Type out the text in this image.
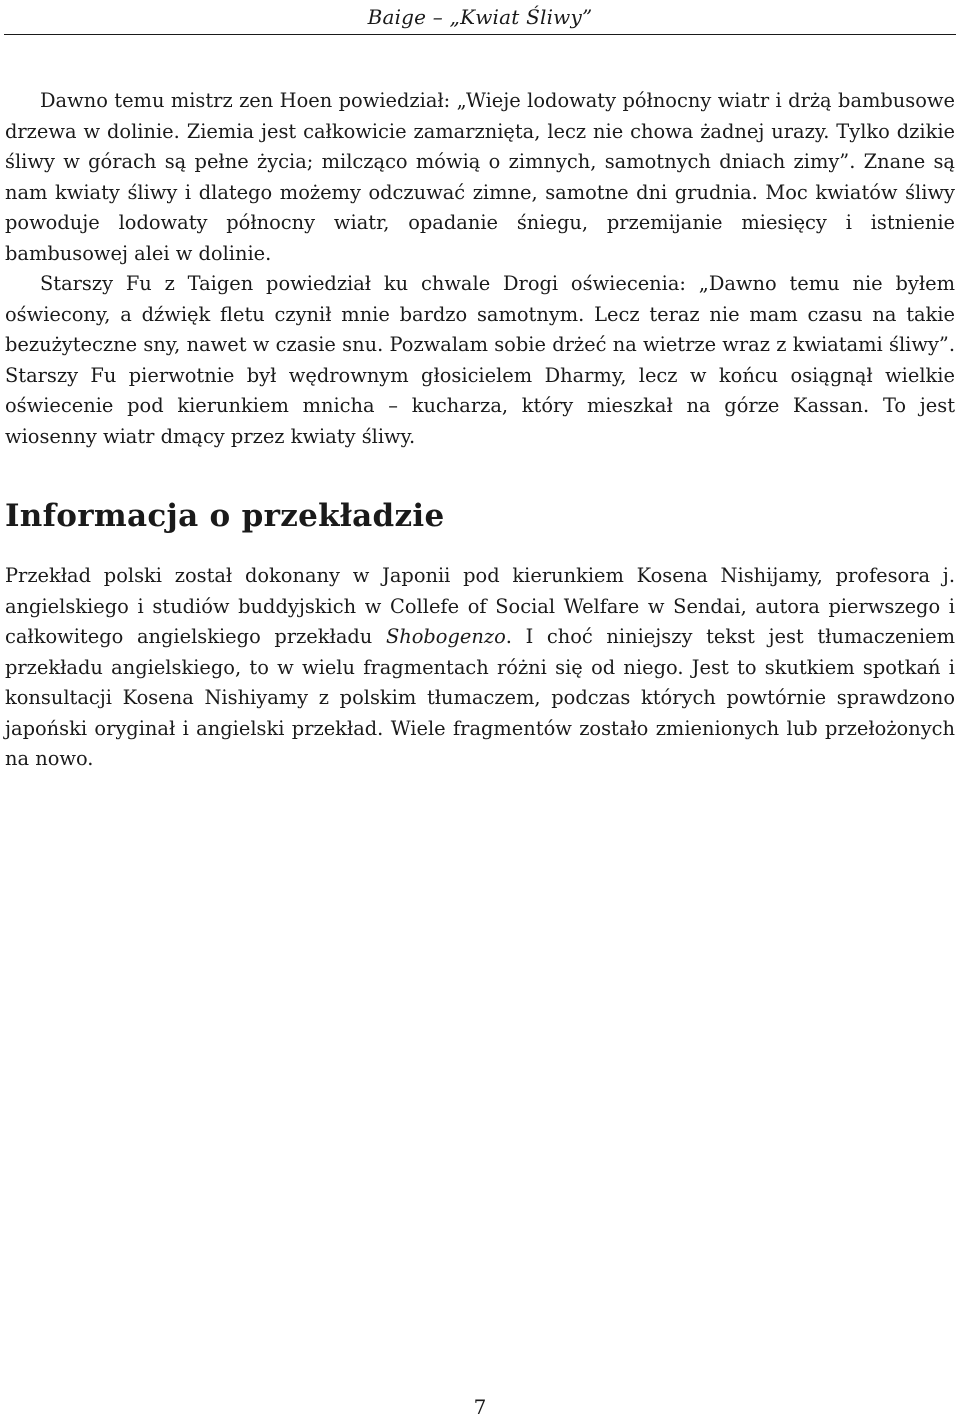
Baige – „Kwiat Śliwy”

Dawno temu mistrz zen Hoen powiedział: „Wieje lodowaty północny wiatr i drżą bambusowe drzewa w dolinie. Ziemia jest całkowicie zamarznięta, lecz nie chowa żadnej urazy. Tylko dzikie śliwy w górach są pełne życia; milcząco mówią o zimnych, samotnych dniach zimy”. Znane są nam kwiaty śliwy i dlatego możemy odczuwać zimne, samotne dni grudnia. Moc kwiatów śliwy powoduje lodowaty północny wiatr, opadanie śniegu, przemijanie miesięcy i istnienie bambusowej alei w dolinie.

Starszy Fu z Taigen powiedział ku chwale Drogi oświecenia: „Dawno temu nie byłem oświecony, a dźwięk fletu czynił mnie bardzo samotnym. Lecz teraz nie mam czasu na takie bezużyteczne sny, nawet w czasie snu. Pozwalam sobie drżeć na wietrze wraz z kwiatami śliwy”. Starszy Fu pierwotnie był wędrownym głosicielem Dharmy, lecz w końcu osiągnął wielkie oświecenie pod kierunkiem mnicha – kucharza, który mieszkał na górze Kassan. To jest wiosenny wiatr dmący przez kwiaty śliwy.

Informacja o przekładzie

Przekład polski został dokonany w Japonii pod kierunkiem Kosena Nishijamy, profesora j. angielskiego i studiów buddyjskich w Collefe of Social Welfare w Sendai, autora pierwszego i całkowitego angielskiego przekładu Shobogenzo. I choć niniejszy tekst jest tłumaczeniem przekładu angielskiego, to w wielu fragmentach różni się od niego. Jest to skutkiem spotkań i konsultacji Kosena Nishiyamy z polskim tłumaczem, podczas których powtórnie sprawdzono japoński oryginał i angielski przekład. Wiele fragmentów zostało zmienionych lub przełożonych na nowo.

7
